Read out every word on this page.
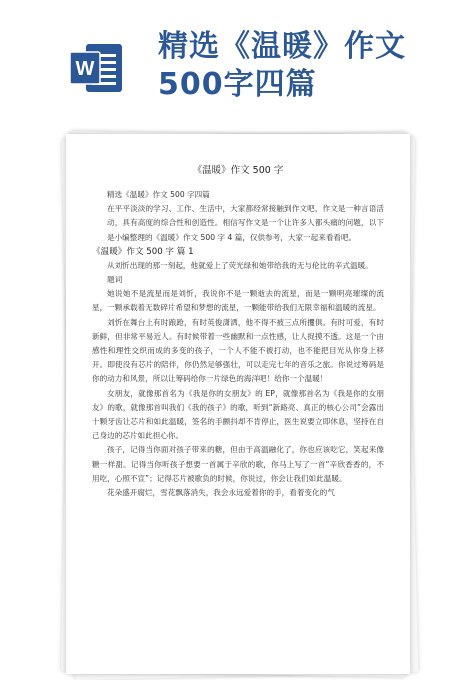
W
精选《温暖》作文500字四篇

《温暖》作文 500 字

精选《温暖》作文 500 字四篇

在平平淡淡的学习、工作、生活中，大家都经常接触到作文吧，作文是一种言语活动，具有高度的综合性和创造性。相信写作文是一个让许多人都头痛的问题，以下是小编整理的《温暖》作文 500 字 4 篇，仅供参考，大家一起来看看吧。

《温暖》作文 500 字 篇 1

从刘忻出现的那一刻起，他就爱上了荧光绿和她带给我的无与伦比的辛式温暖。

题词

她说她不是流星而是刘忻，我说你不是一颗逝去的流星，而是一颗明亮璀璨的流星，一颗承载着无数碎片希望和梦想的流星，一颗能带给我们无限幸福和温暖的流星。

刘忻在舞台上有时踉跄，有时英俊潇洒，他不得不被三点所攫俱。有时可爱，有时新鲜，但非常平易近人。有时候带着一些幽默和一点性感，让人捉摸不透。这是一个由感性和理性交织而成的多变的孩子，一个人不能不被打动，也不能把目光从你身上移开。即使没有芯片的陪伴，你仍然足够强壮，可以走完七年的音乐之旅。你说过筹码是你的动力和风景，所以让筹码给你一片绿色的海洋吧！给你一个温暖！

女朋友，就像那首名为《我是你的女朋友》的 EP，就像那首名为《我是你的女朋友》的歌，就像那首叫我们《我的孩子》的歌，听到“新路亮、真正的核心公司”会露出十颗牙齿让芯片和如此温暖，签名的手颤抖却不肯停止，医生说要立即休息，坚持在自己身边的芯片如此担心你。

孩子，记得当你面对孩子带来的糖，但由于高温融化了，你也应该吃它，笑起来像糖一样甜。记得当你听孩子想要一首属于辛欣的歌，你马上写了一首“辛欣香香的，不用吃，心照不宣”；记得芯片被歌负的时候，你说过，你会让我们如此温暖。

花朵盛开腐烂，雪花飘落消失，我会永远爱着你的手，看着变化的气
